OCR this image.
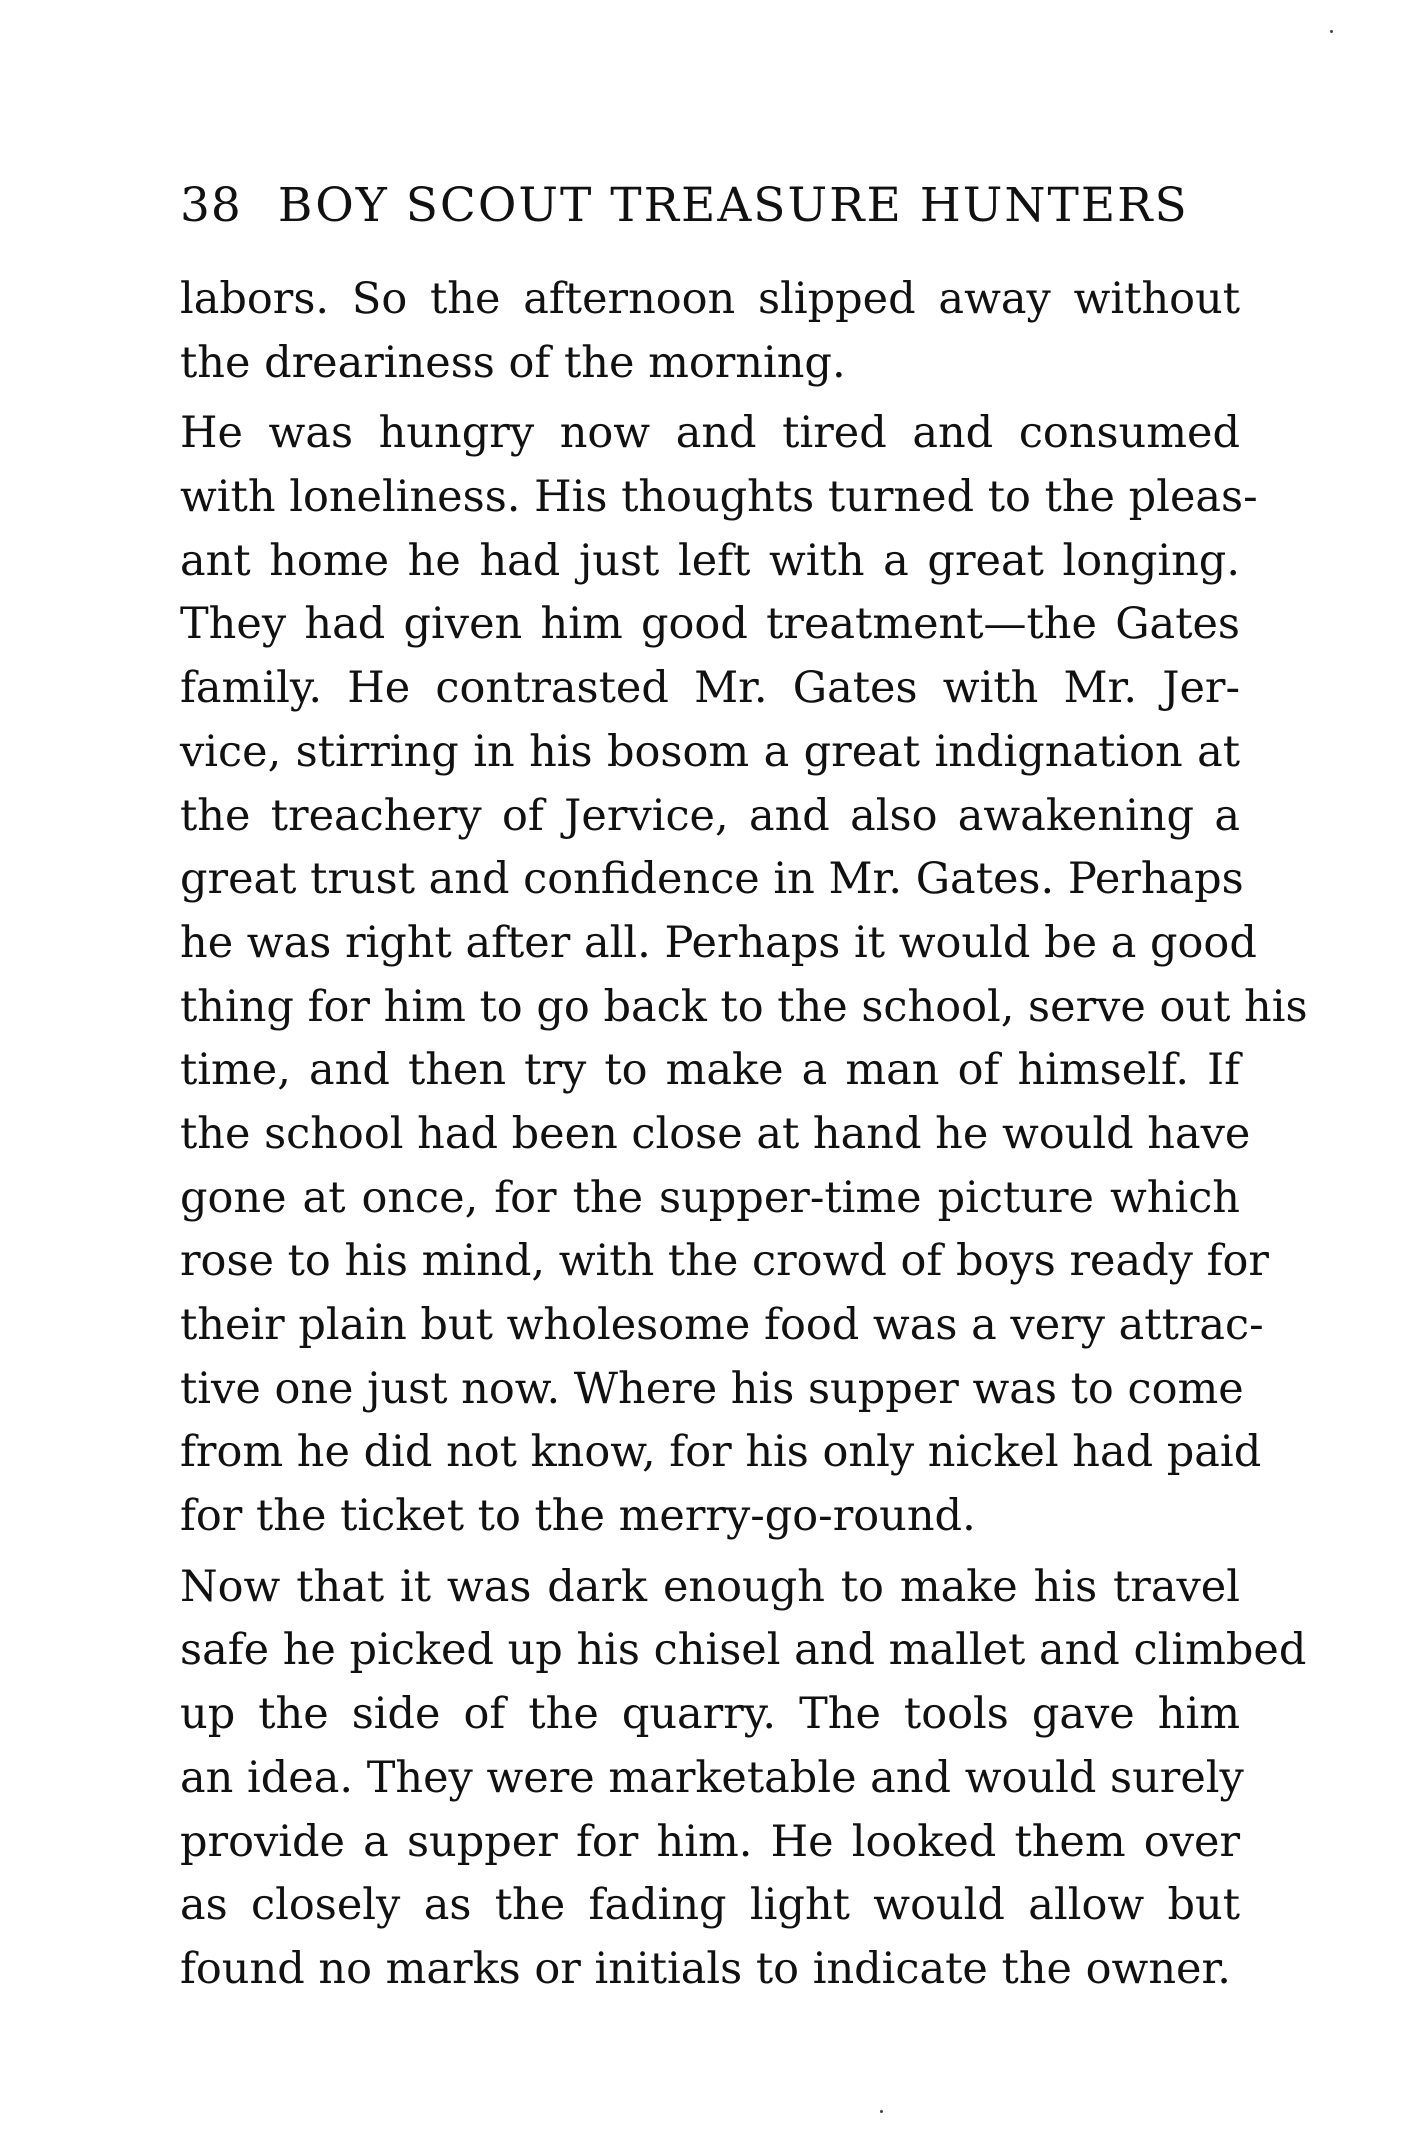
38 BOY SCOUT TREASURE HUNTERS
labors. So the afternoon slipped away without
the dreariness of the morning.
He was hungry now and tired and consumed
with loneliness. His thoughts turned to the pleas-
ant home he had just left with a great longing.
They had given him good treatment—the Gates
family. He contrasted Mr. Gates with Mr. Jer-
vice, stirring in his bosom a great indignation at
the treachery of Jervice, and also awakening a
great trust and confidence in Mr. Gates. Perhaps
he was right after all. Perhaps it would be a good
thing for him to go back to the school, serve out his
time, and then try to make a man of himself. If
the school had been close at hand he would have
gone at once, for the supper-time picture which
rose to his mind, with the crowd of boys ready for
their plain but wholesome food was a very attrac-
tive one just now. Where his supper was to come
from he did not know, for his only nickel had paid
for the ticket to the merry-go-round.
Now that it was dark enough to make his travel
safe he picked up his chisel and mallet and climbed
up the side of the quarry. The tools gave him
an idea. They were marketable and would surely
provide a supper for him. He looked them over
as closely as the fading light would allow but
found no marks or initials to indicate the owner.
